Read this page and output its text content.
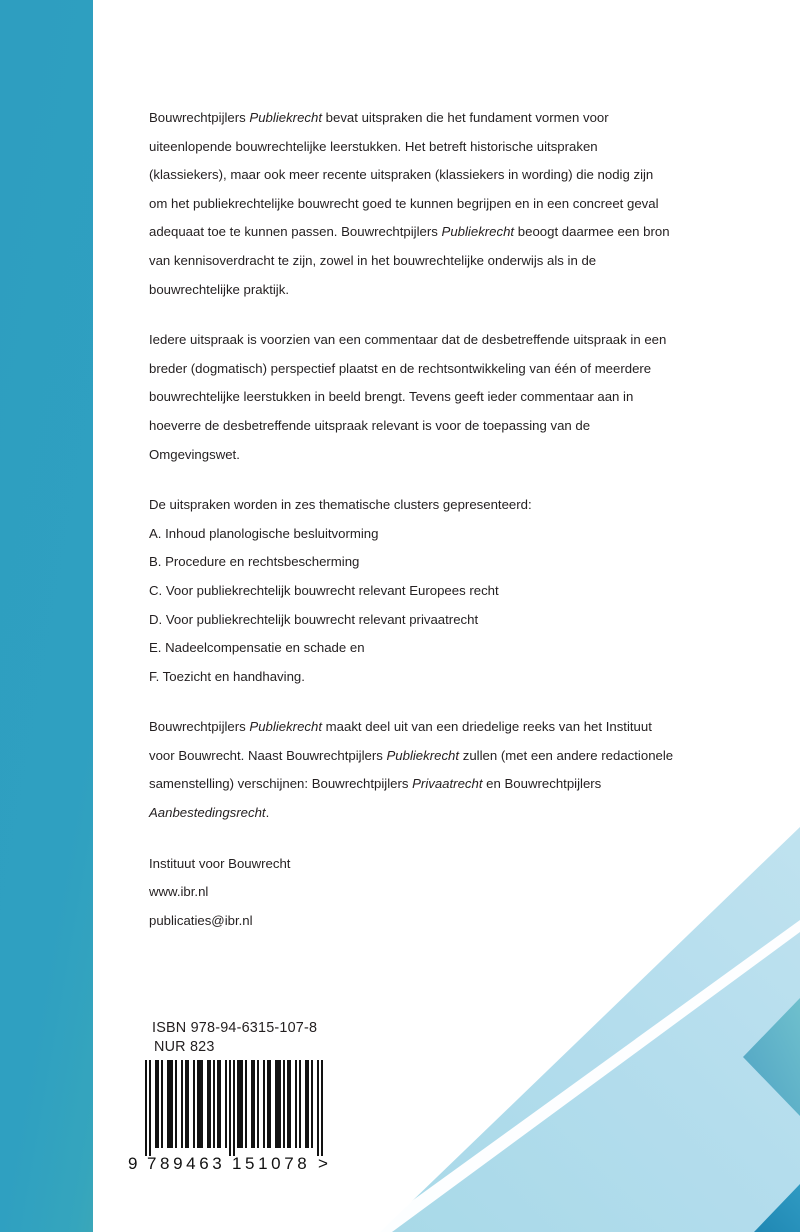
Bouwrechtpijlers Publiekrecht bevat uitspraken die het fundament vormen voor uiteenlopende bouwrechtelijke leerstukken. Het betreft historische uitspraken (klassiekers), maar ook meer recente uitspraken (klassiekers in wording) die nodig zijn om het publiekrechtelijke bouwrecht goed te kunnen begrijpen en in een concreet geval adequaat toe te kunnen passen. Bouwrechtpijlers Publiekrecht beoogt daarmee een bron van kennisoverdracht te zijn, zowel in het bouwrechtelijke onderwijs als in de bouwrechtelijke praktijk.

Iedere uitspraak is voorzien van een commentaar dat de desbetreffende uitspraak in een breder (dogmatisch) perspectief plaatst en de rechtsontwikkeling van één of meerdere bouwrechtelijke leerstukken in beeld brengt. Tevens geeft ieder commentaar aan in hoeverre de desbetreffende uitspraak relevant is voor de toepassing van de Omgevingswet.

De uitspraken worden in zes thematische clusters gepresenteerd:
A. Inhoud planologische besluitvorming
B. Procedure en rechtsbescherming
C. Voor publiekrechtelijk bouwrecht relevant Europees recht
D. Voor publiekrechtelijk bouwrecht relevant privaatrecht
E. Nadeelcompensatie en schade en
F. Toezicht en handhaving.

Bouwrechtpijlers Publiekrecht maakt deel uit van een driedelige reeks van het Instituut voor Bouwrecht. Naast Bouwrechtpijlers Publiekrecht zullen (met een andere redactionele samenstelling) verschijnen: Bouwrechtpijlers Privaatrecht en Bouwrechtpijlers Aanbestedingsrecht.

Instituut voor Bouwrecht
www.ibr.nl
publicaties@ibr.nl
ISBN 978-94-6315-107-8
NUR 823
9 789463 151078 >
